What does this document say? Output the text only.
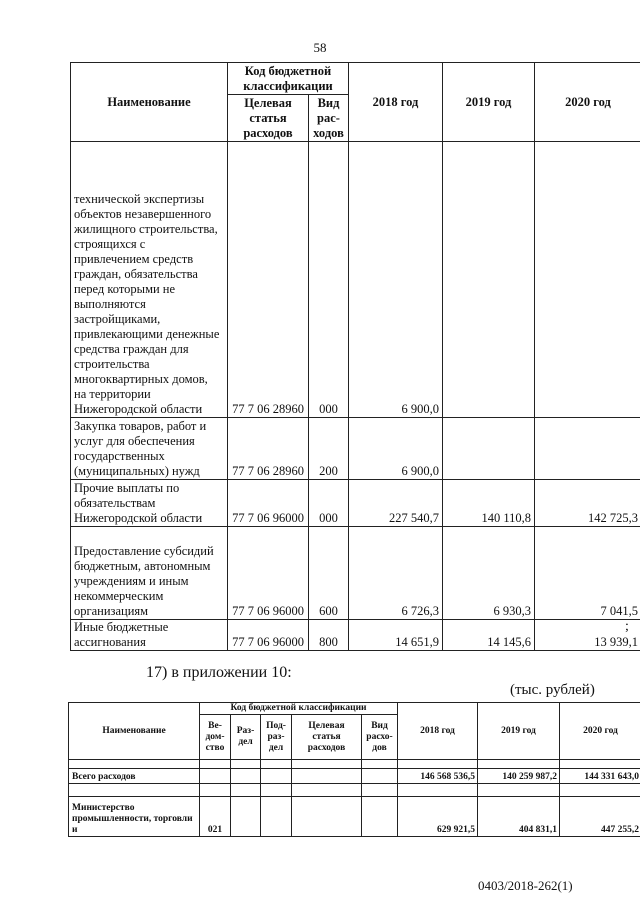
58
Наименование	Код бюджетной классификации		2018 год	2019 год	2020 год
	Целевая статья расходов	Вид рас-ходов			
технической экспертизы объектов незавершенного жилищного строительства, строящихся с привлечением средств граждан, обязательства перед которыми не выполняются застройщиками, привлекающими денежные средства граждан для строительства многоквартирных домов, на территории Нижегородской области	77 7 06 28960	000	6 900,0		
Закупка товаров, работ и услуг для обеспечения государственных (муниципальных) нужд	77 7 06 28960	200	6 900,0		
Прочие выплаты по обязательствам Нижегородской области	77 7 06 96000	000	227 540,7	140 110,8	142 725,3
Предоставление субсидий бюджетным, автономным учреждениям и иным некоммерческим организациям	77 7 06 96000	600	6 726,3	6 930,3	7 041,5
Иные бюджетные ассигнования	77 7 06 96000	800	14 651,9	14 145,6	13 939,1
;
17) в приложении 10:
(тыс. рублей)
Наименование	Код бюджетной классификации					2018 год	2019 год	2020 год
	Ве-дом-ство	Раз-дел	Под-раз-дел	Целевая статья расходов	Вид расхо-дов			

Всего расходов						146 568 536,5	140 259 987,2	144 331 643,0

Министерство промышленности, торговли и	021					629 921,5	404 831,1	447 255,2
0403/2018-262(1)
